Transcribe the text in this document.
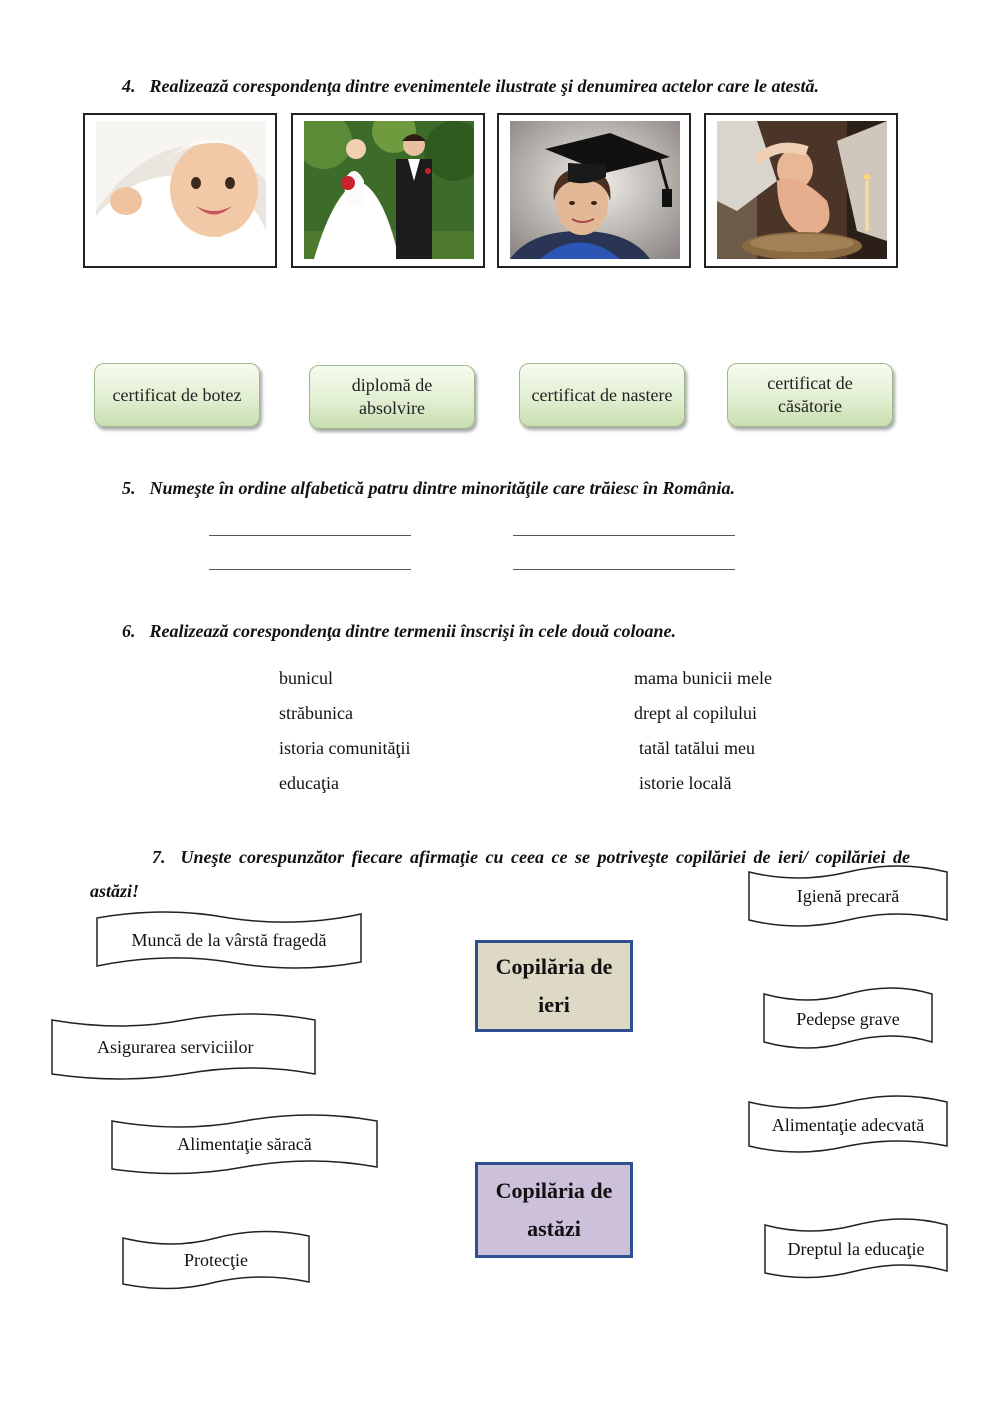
4. Realizează corespondenţa dintre evenimentele ilustrate şi denumirea actelor care le atestă.
certificat de botez	diplomă de absolvire
certificat de nastere
certificat de căsătorie
5. Numeşte în ordine alfabetică patru dintre minorităţile care trăiesc în România.
6. Realizează corespondenţa dintre termenii înscrişi în cele două coloane.
bunicul
străbunica
istoria comunităţii
educaţia
mama bunicii mele
drept al copilului
tatăl tatălui meu
istorie locală
7. Uneşte corespunzător fiecare afirmaţie cu ceea ce se potriveşte copilăriei de ieri/ copilăriei de astăzi!
Copilăria de ieri
Copilăria de astăzi
Muncă de la vârstă fragedă
Asigurarea serviciilor
Alimentaţie săracă
Protecţie
Igienă precară
Pedepse grave
Alimentaţie adecvată
Dreptul la educaţie
